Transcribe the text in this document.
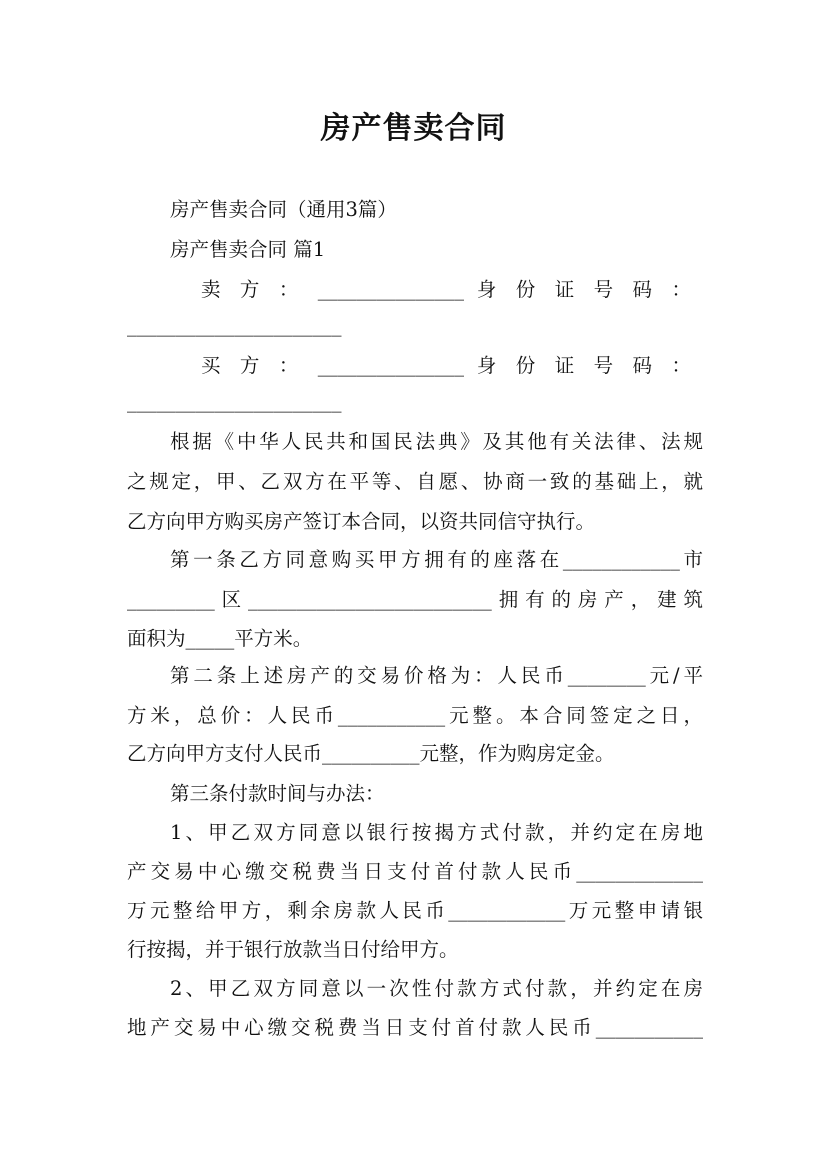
房产售卖合同
房产售卖合同（通用3篇）
房产售卖合同 篇1
卖 方 ： _______________ 身 份 证 号 码 ：
______________________
买 方 ： _______________ 身 份 证 号 码 ：
______________________
根据《中华人民共和国民法典》及其他有关法律、法规
之规定，甲、乙双方在平等、自愿、协商一致的基础上，就
乙方向甲方购买房产签订本合同，以资共同信守执行。
第一条乙方同意购买甲方拥有的座落在____________市
_________区_________________________拥有的房产，建筑
面积为_____平方米。
第二条上述房产的交易价格为：人民币________元/平
方米，总价：人民币___________元整。本合同签定之日，
乙方向甲方支付人民币__________元整，作为购房定金。
第三条付款时间与办法：
1、甲乙双方同意以银行按揭方式付款，并约定在房地
产交易中心缴交税费当日支付首付款人民币_____________
万元整给甲方，剩余房款人民币____________万元整申请银
行按揭，并于银行放款当日付给甲方。
2、甲乙双方同意以一次性付款方式付款，并约定在房
地产交易中心缴交税费当日支付首付款人民币___________
